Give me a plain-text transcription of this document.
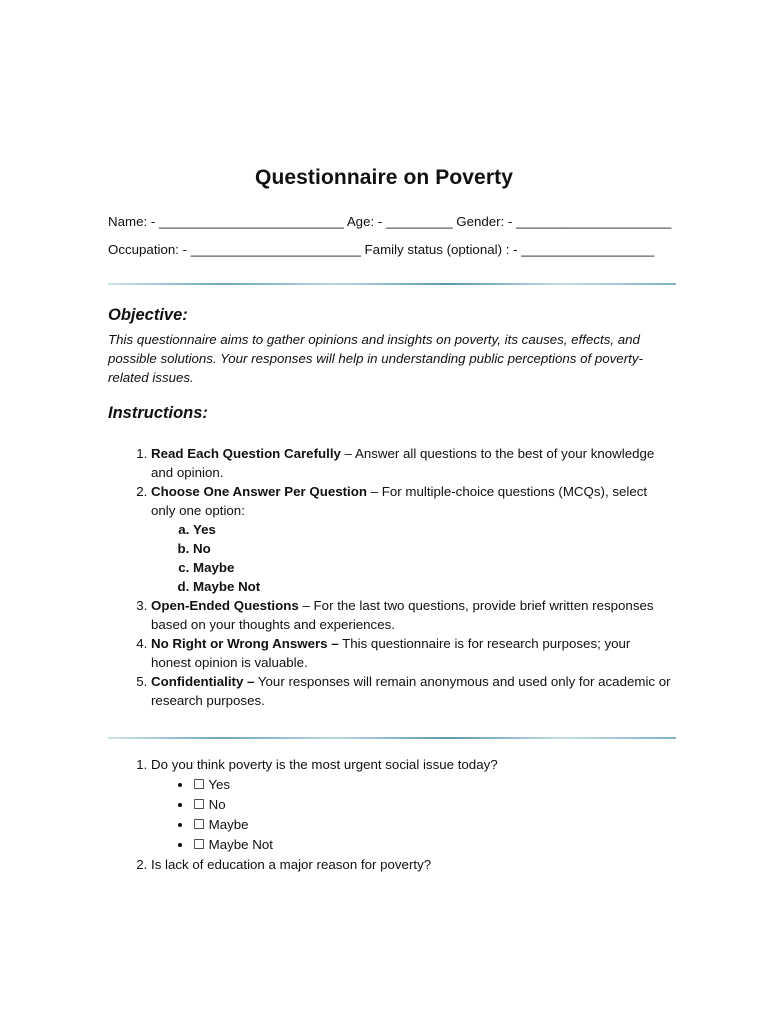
Questionnaire on Poverty

Name: - _________________________ Age: - _________ Gender: - _____________________

Occupation: - _______________________ Family status (optional) : - __________________

Objective:

This questionnaire aims to gather opinions and insights on poverty, its causes, effects, and possible solutions. Your responses will help in understanding public perceptions of poverty-related issues.

Instructions:
1. Read Each Question Carefully – Answer all questions to the best of your knowledge and opinion.
2. Choose One Answer Per Question – For multiple-choice questions (MCQs), select only one option:
a. Yes
b. No
c. Maybe
d. Maybe Not
3. Open-Ended Questions – For the last two questions, provide brief written responses based on your thoughts and experiences.
4. No Right or Wrong Answers – This questionnaire is for research purposes; your honest opinion is valuable.
5. Confidentiality – Your responses will remain anonymous and used only for academic or research purposes.
1. Do you think poverty is the most urgent social issue today?
• ☐ Yes
• ☐ No
• ☐ Maybe
• ☐ Maybe Not
2. Is lack of education a major reason for poverty?
